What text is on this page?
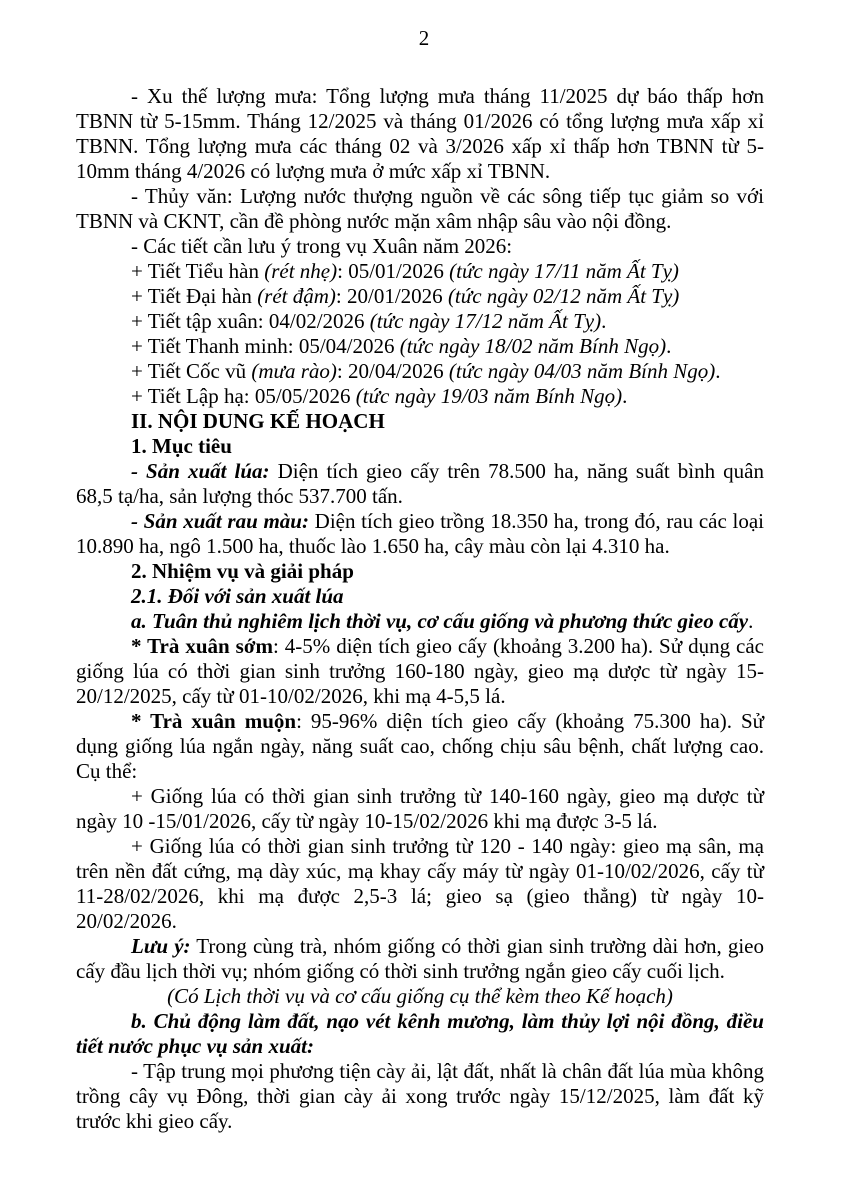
2

- Xu thế lượng mưa: Tổng lượng mưa tháng 11/2025 dự báo thấp hơn TBNN từ 5-15mm. Tháng 12/2025 và tháng 01/2026 có tổng lượng mưa xấp xỉ TBNN. Tổng lượng mưa các tháng 02 và 3/2026 xấp xỉ thấp hơn TBNN từ 5-10mm tháng 4/2026 có lượng mưa ở mức xấp xỉ TBNN.

- Thủy văn: Lượng nước thượng nguồn về các sông tiếp tục giảm so với TBNN và CKNT, cần đề phòng nước mặn xâm nhập sâu vào nội đồng.

- Các tiết cần lưu ý trong vụ Xuân năm 2026:

+ Tiết Tiểu hàn (rét nhẹ): 05/01/2026 (tức ngày 17/11 năm Ất Tỵ)

+ Tiết Đại hàn (rét đậm): 20/01/2026 (tức ngày 02/12 năm Ất Tỵ)

+ Tiết tập xuân: 04/02/2026 (tức ngày 17/12 năm Ất Tỵ).

+ Tiết Thanh minh: 05/04/2026 (tức ngày 18/02 năm Bính Ngọ).

+ Tiết Cốc vũ (mưa rào): 20/04/2026 (tức ngày 04/03 năm Bính Ngọ).

+ Tiết Lập hạ: 05/05/2026 (tức ngày 19/03 năm Bính Ngọ).

II. NỘI DUNG KẾ HOẠCH

1. Mục tiêu

- Sản xuất lúa: Diện tích gieo cấy trên 78.500 ha, năng suất bình quân 68,5 tạ/ha, sản lượng thóc 537.700 tấn.

- Sản xuất rau màu: Diện tích gieo trồng 18.350 ha, trong đó, rau các loại 10.890 ha, ngô 1.500 ha, thuốc lào 1.650 ha, cây màu còn lại 4.310 ha.

2. Nhiệm vụ và giải pháp

2.1. Đối với sản xuất lúa

a. Tuân thủ nghiêm lịch thời vụ, cơ cấu giống và phương thức gieo cấy.

* Trà xuân sớm: 4-5% diện tích gieo cấy (khoảng 3.200 ha). Sử dụng các giống lúa có thời gian sinh trưởng 160-180 ngày, gieo mạ dược từ ngày 15-20/12/2025, cấy từ 01-10/02/2026, khi mạ 4-5,5 lá.

* Trà xuân muộn: 95-96% diện tích gieo cấy (khoảng 75.300 ha). Sử dụng giống lúa ngắn ngày, năng suất cao, chống chịu sâu bệnh, chất lượng cao. Cụ thể:

+ Giống lúa có thời gian sinh trưởng từ 140-160 ngày, gieo mạ dược từ ngày 10 -15/01/2026, cấy từ ngày 10-15/02/2026 khi mạ được 3-5 lá.

+ Giống lúa có thời gian sinh trưởng từ 120 - 140 ngày: gieo mạ sân, mạ trên nền đất cứng, mạ dày xúc, mạ khay cấy máy từ ngày 01-10/02/2026, cấy từ 11-28/02/2026, khi mạ được 2,5-3 lá; gieo sạ (gieo thẳng) từ ngày 10-20/02/2026.

Lưu ý: Trong cùng trà, nhóm giống có thời gian sinh trường dài hơn, gieo cấy đầu lịch thời vụ; nhóm giống có thời sinh trưởng ngắn gieo cấy cuối lịch.

(Có Lịch thời vụ và cơ cấu giống cụ thể kèm theo Kế hoạch)

b. Chủ động làm đất, nạo vét kênh mương, làm thủy lợi nội đồng, điều tiết nước phục vụ sản xuất:

- Tập trung mọi phương tiện cày ải, lật đất, nhất là chân đất lúa mùa không trồng cây vụ Đông, thời gian cày ải xong trước ngày 15/12/2025, làm đất kỹ trước khi gieo cấy.
